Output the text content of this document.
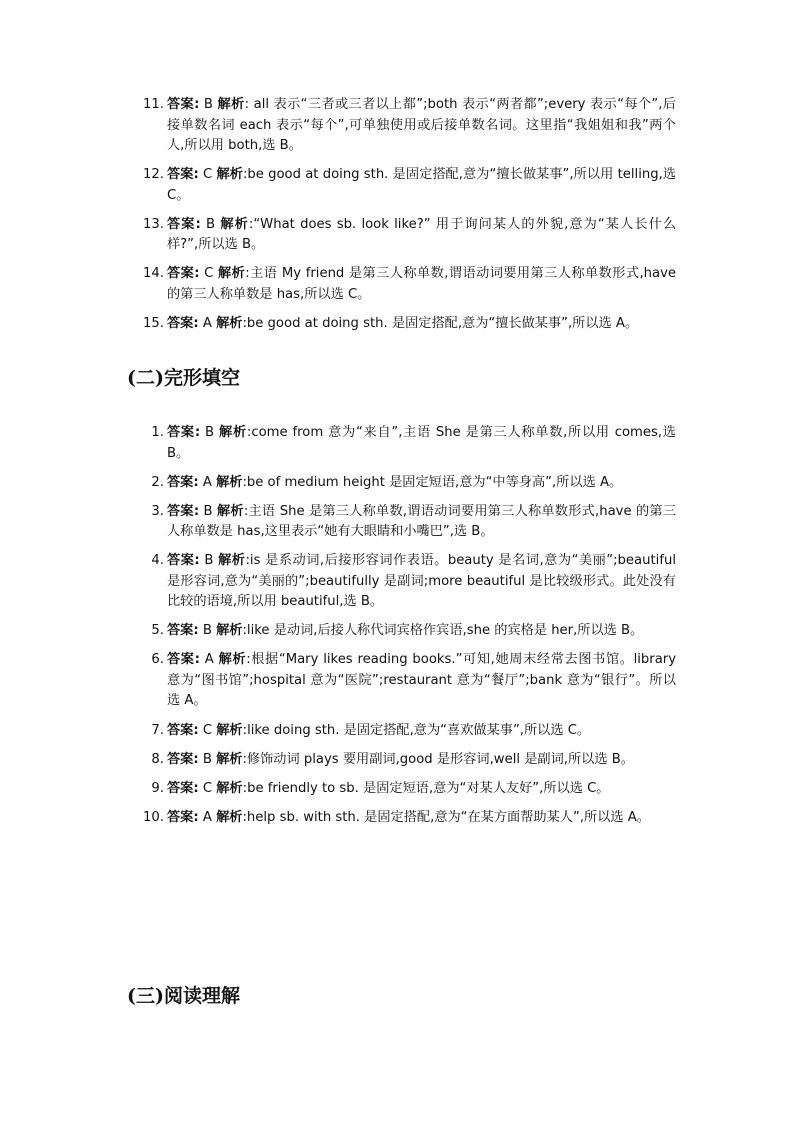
11. 答案: B 解析: all 表示“三者或三者以上都”;both 表示“两者都”;every 表示“每个”,后接单数名词 each 表示“每个”,可单独使用或后接单数名词。这里指“我姐姐和我”两个人,所以用 both,选 B。
12. 答案: C 解析:be good at doing sth. 是固定搭配,意为“擅长做某事”,所以用 telling,选 C。
13. 答案: B 解析:“What does sb. look like?” 用于询问某人的外貌,意为“某人长什么样?”,所以选 B。
14. 答案: C 解析:主语 My friend 是第三人称单数,谓语动词要用第三人称单数形式,have 的第三人称单数是 has,所以选 C。
15. 答案: A 解析:be good at doing sth. 是固定搭配,意为“擅长做某事”,所以选 A。
(二)完形填空
1. 答案: B 解析:come from 意为“来自”,主语 She 是第三人称单数,所以用 comes,选 B。
2. 答案: A 解析:be of medium height 是固定短语,意为“中等身高”,所以选 A。
3. 答案: B 解析:主语 She 是第三人称单数,谓语动词要用第三人称单数形式,have 的第三人称单数是 has,这里表示“她有大眼睛和小嘴巴”,选 B。
4. 答案: B 解析:is 是系动词,后接形容词作表语。beauty 是名词,意为“美丽”;beautiful 是形容词,意为“美丽的”;beautifully 是副词;more beautiful 是比较级形式。此处没有比较的语境,所以用 beautiful,选 B。
5. 答案: B 解析:like 是动词,后接人称代词宾格作宾语,she 的宾格是 her,所以选 B。
6. 答案: A 解析:根据“Mary likes reading books.”可知,她周末经常去图书馆。library 意为“图书馆”;hospital 意为“医院”;restaurant 意为“餐厅”;bank 意为“银行”。所以选 A。
7. 答案: C 解析:like doing sth. 是固定搭配,意为“喜欢做某事”,所以选 C。
8. 答案: B 解析:修饰动词 plays 要用副词,good 是形容词,well 是副词,所以选 B。
9. 答案: C 解析:be friendly to sb. 是固定短语,意为“对某人友好”,所以选 C。
10. 答案: A 解析:help sb. with sth. 是固定搭配,意为“在某方面帮助某人”,所以选 A。
(三)阅读理解
